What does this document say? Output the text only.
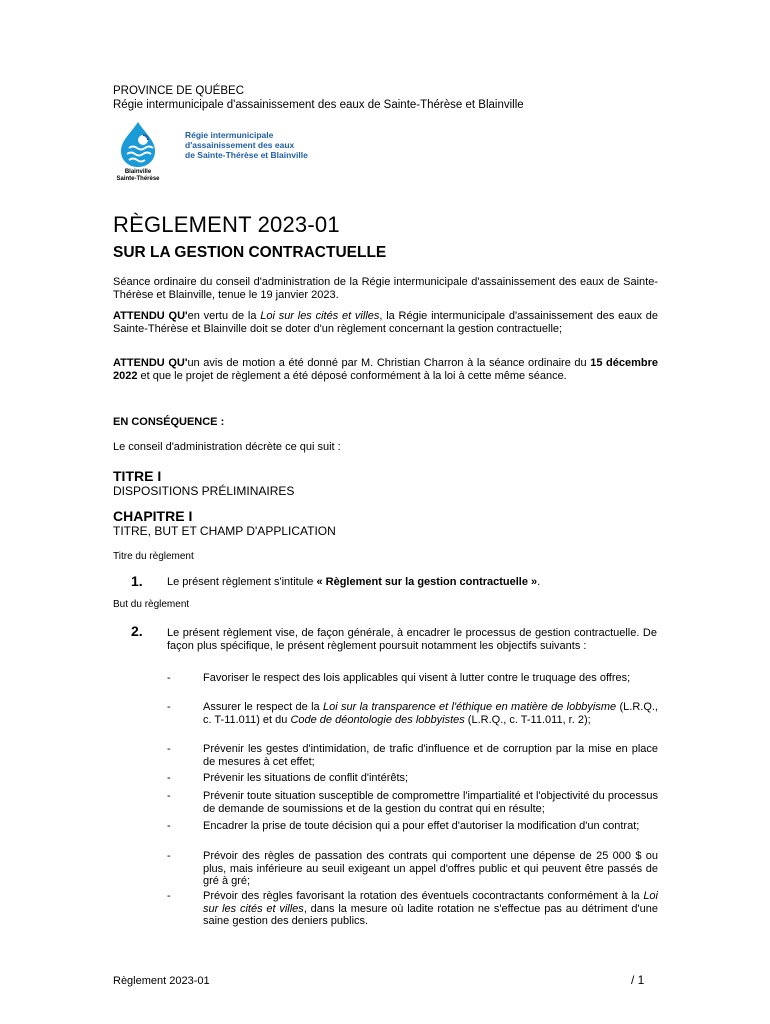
PROVINCE DE QUÉBEC
Régie intermunicipale d'assainissement des eaux de Sainte-Thérèse et Blainville
Blainville
Sainte-Thérèse
Régie intermunicipale
d'assainissement des eaux
de Sainte-Thérèse et Blainville
RÈGLEMENT 2023-01
SUR LA GESTION CONTRACTUELLE
Séance ordinaire du conseil d'administration de la Régie intermunicipale d'assainissement des eaux de Sainte-Thérèse et Blainville, tenue le 19 janvier 2023.
ATTENDU QU'en vertu de la Loi sur les cités et villes, la Régie intermunicipale d'assainissement des eaux de Sainte-Thérèse et Blainville doit se doter d'un règlement concernant la gestion contractuelle;
ATTENDU QU'un avis de motion a été donné par M. Christian Charron à la séance ordinaire du 15 décembre 2022 et que le projet de règlement a été déposé conformément à la loi à cette même séance.
EN CONSÉQUENCE :
Le conseil d'administration décrète ce qui suit :
TITRE I
DISPOSITIONS PRÉLIMINAIRES
CHAPITRE I
TITRE, BUT ET CHAMP D'APPLICATION
Titre du règlement
1. Le présent règlement s'intitule « Règlement sur la gestion contractuelle ».
But du règlement
2. Le présent règlement vise, de façon générale, à encadrer le processus de gestion contractuelle. De façon plus spécifique, le présent règlement poursuit notamment les objectifs suivants :
-	Favoriser le respect des lois applicables qui visent à lutter contre le truquage des offres;
-	Assurer le respect de la Loi sur la transparence et l'éthique en matière de lobbyisme (L.R.Q., c. T-11.011) et du Code de déontologie des lobbyistes (L.R.Q., c. T-11.011, r. 2);
-	Prévenir les gestes d'intimidation, de trafic d'influence et de corruption par la mise en place de mesures à cet effet;
-	Prévenir les situations de conflit d'intérêts;
-	Prévenir toute situation susceptible de compromettre l'impartialité et l'objectivité du processus de demande de soumissions et de la gestion du contrat qui en résulte;
-	Encadrer la prise de toute décision qui a pour effet d'autoriser la modification d'un contrat;
-	Prévoir des règles de passation des contrats qui comportent une dépense de 25 000 $ ou plus, mais inférieure au seuil exigeant un appel d'offres public et qui peuvent être passés de gré à gré;
-	Prévoir des règles favorisant la rotation des éventuels cocontractants conformément à la Loi sur les cités et villes, dans la mesure où ladite rotation ne s'effectue pas au détriment d'une saine gestion des deniers publics.
Règlement 2023-01	/ 1
